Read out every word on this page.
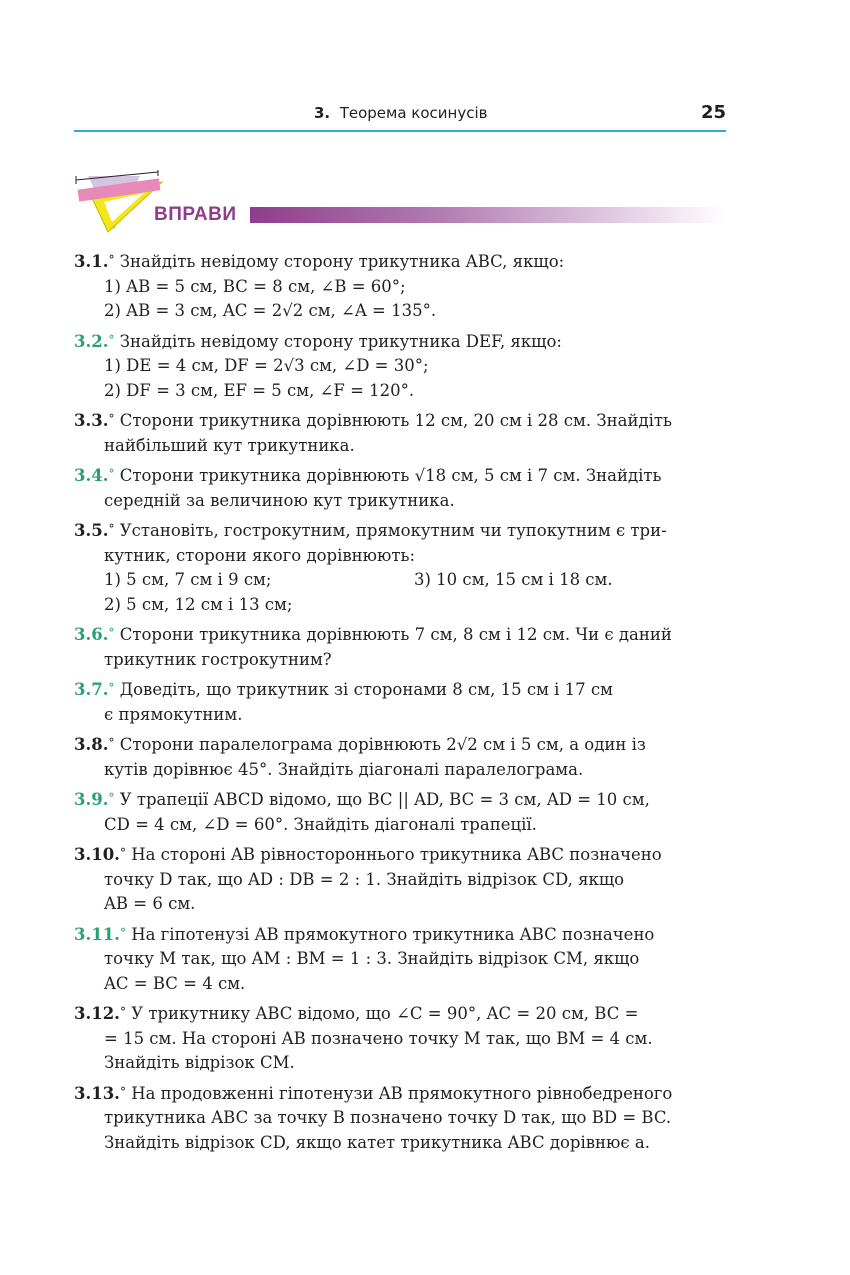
3. Теорема косинусів	25
ВПРАВИ
3.1.° Знайдіть невідому сторону трикутника ABC, якщо:
1) AB = 5 см, BC = 8 см, ∠B = 60°;
2) AB = 3 см, AC = 2√2 см, ∠A = 135°.
3.2.° Знайдіть невідому сторону трикутника DEF, якщо:
1) DE = 4 см, DF = 2√3 см, ∠D = 30°;
2) DF = 3 см, EF = 5 см, ∠F = 120°.
3.3.° Сторони трикутника дорівнюють 12 см, 20 см і 28 см. Знайдіть
найбільший кут трикутника.
3.4.° Сторони трикутника дорівнюють √18 см, 5 см і 7 см. Знайдіть
середній за величиною кут трикутника.
3.5.° Установіть, гострокутним, прямокутним чи тупокутним є три-
кутник, сторони якого дорівнюють:
1) 5 см, 7 см і 9 см;	3) 10 см, 15 см і 18 см.
2) 5 см, 12 см і 13 см;
3.6.° Сторони трикутника дорівнюють 7 см, 8 см і 12 см. Чи є даний
трикутник гострокутним?
3.7.° Доведіть, що трикутник зі сторонами 8 см, 15 см і 17 см
є прямокутним.
3.8.° Сторони паралелограма дорівнюють 2√2 см і 5 см, а один із
кутів дорівнює 45°. Знайдіть діагоналі паралелограма.
3.9.° У трапеції ABCD відомо, що BC || AD, BC = 3 см, AD = 10 см,
CD = 4 см, ∠D = 60°. Знайдіть діагоналі трапеції.
3.10.° На стороні AB рівностороннього трикутника ABC позначено
точку D так, що AD : DB = 2 : 1. Знайдіть відрізок CD, якщо
AB = 6 см.
3.11.° На гіпотенузі AB прямокутного трикутника ABC позначено
точку M так, що AM : BM = 1 : 3. Знайдіть відрізок CM, якщо
AC = BC = 4 см.
3.12.° У трикутнику ABC відомо, що ∠C = 90°, AC = 20 см, BC =
= 15 см. На стороні AB позначено точку M так, що BM = 4 см.
Знайдіть відрізок CM.
3.13.° На продовженні гіпотенузи AB прямокутного рівнобедреного
трикутника ABC за точку B позначено точку D так, що BD = BC.
Знайдіть відрізок CD, якщо катет трикутника ABC дорівнює a.
